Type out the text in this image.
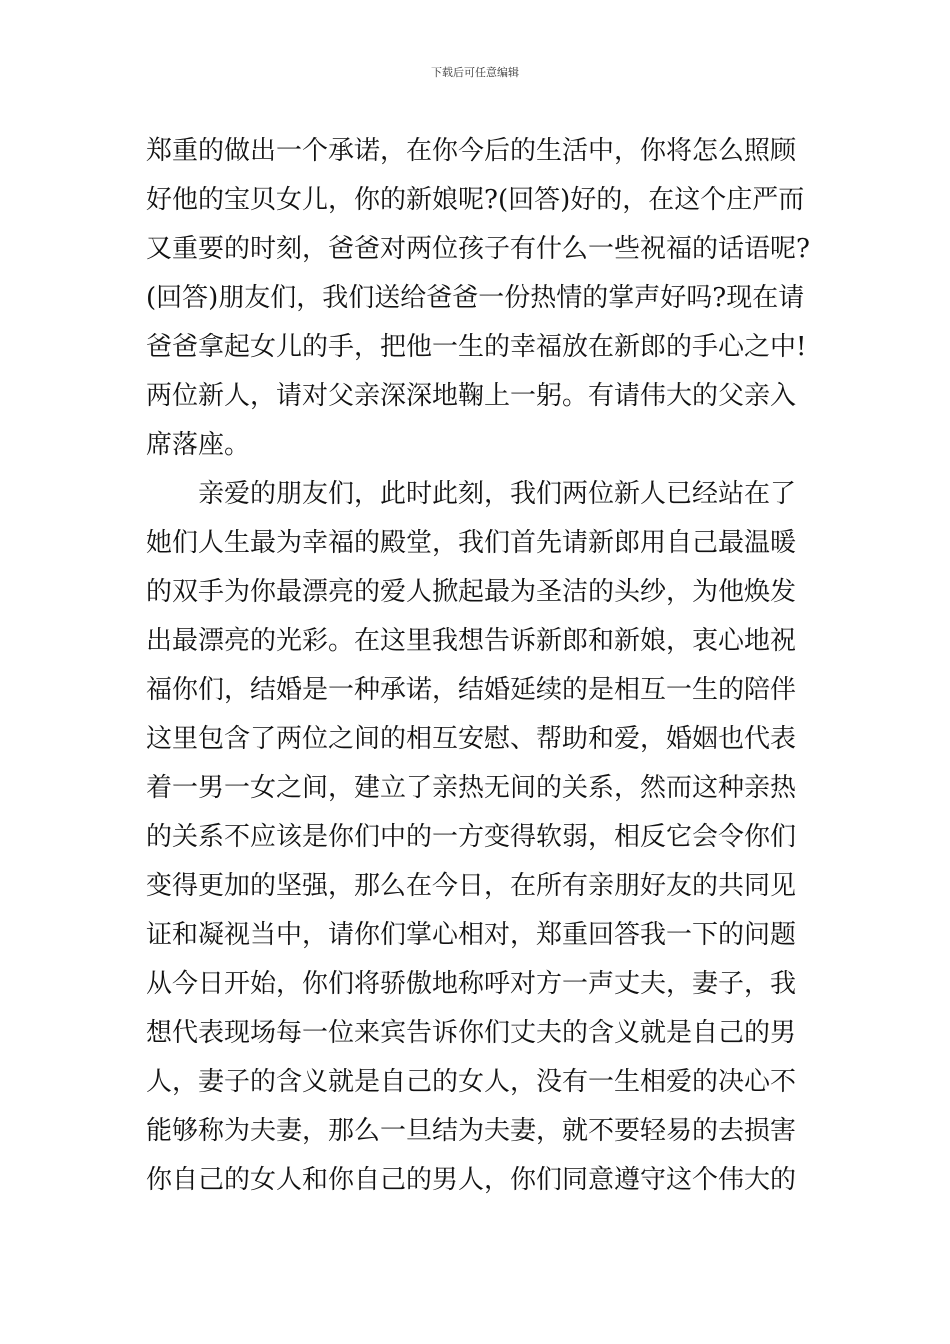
下载后可任意编辑
郑重的做出一个承诺，在你今后的生活中，你将怎么照顾
好他的宝贝女儿，你的新娘呢?(回答)好的，在这个庄严而
又重要的时刻，爸爸对两位孩子有什么一些祝福的话语呢?
(回答)朋友们，我们送给爸爸一份热情的掌声好吗?现在请
爸爸拿起女儿的手，把他一生的幸福放在新郎的手心之中!
两位新人，请对父亲深深地鞠上一躬。有请伟大的父亲入
席落座。
　　亲爱的朋友们，此时此刻，我们两位新人已经站在了
她们人生最为幸福的殿堂，我们首先请新郎用自己最温暖
的双手为你最漂亮的爱人掀起最为圣洁的头纱，为他焕发
出最漂亮的光彩。在这里我想告诉新郎和新娘，衷心地祝
福你们，结婚是一种承诺，结婚延续的是相互一生的陪伴
这里包含了两位之间的相互安慰、帮助和爱，婚姻也代表
着一男一女之间，建立了亲热无间的关系，然而这种亲热
的关系不应该是你们中的一方变得软弱，相反它会令你们
变得更加的坚强，那么在今日，在所有亲朋好友的共同见
证和凝视当中，请你们掌心相对，郑重回答我一下的问题
从今日开始，你们将骄傲地称呼对方一声丈夫，妻子，我
想代表现场每一位来宾告诉你们丈夫的含义就是自己的男
人，妻子的含义就是自己的女人，没有一生相爱的决心不
能够称为夫妻，那么一旦结为夫妻，就不要轻易的去损害
你自己的女人和你自己的男人，你们同意遵守这个伟大的
